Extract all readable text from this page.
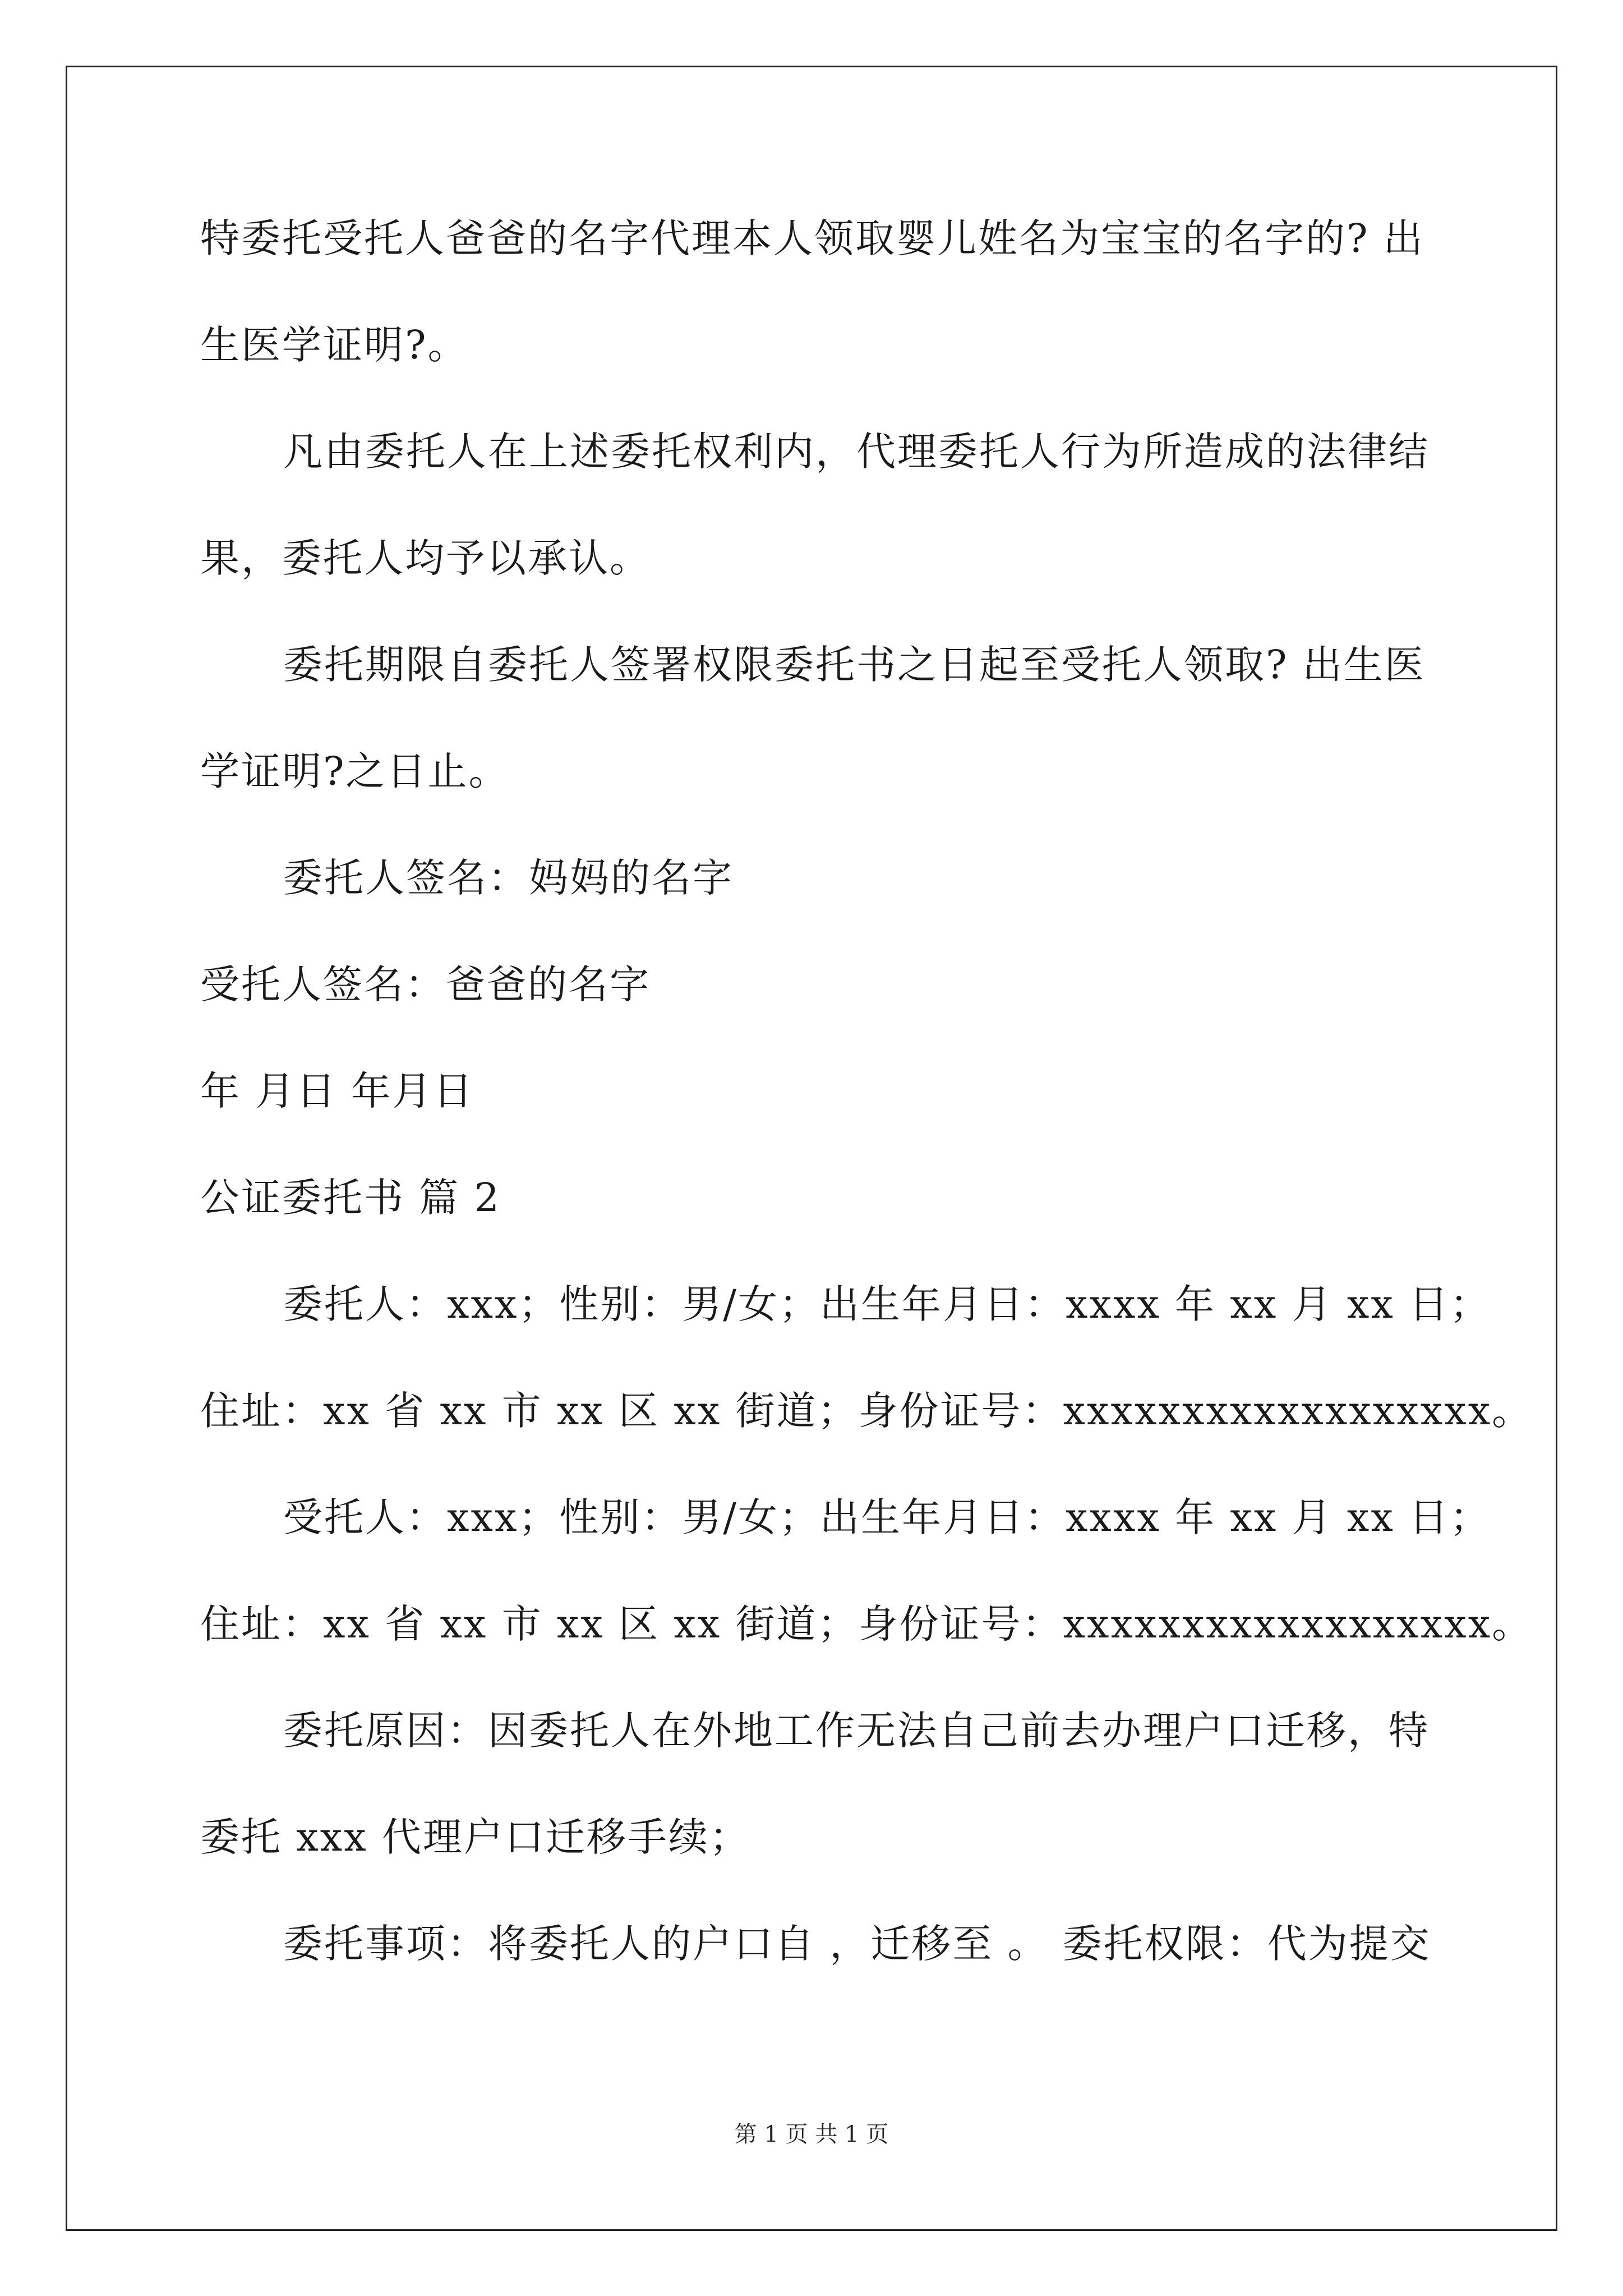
特委托受托人爸爸的名字代理本人领取婴儿姓名为宝宝的名字的? 出
生医学证明?。
凡由委托人在上述委托权利内，代理委托人行为所造成的法律结
果，委托人均予以承认。
委托期限自委托人签署权限委托书之日起至受托人领取? 出生医
学证明?之日止。
委托人签名：妈妈的名字
受托人签名：爸爸的名字
年 月日 年月日
公证委托书 篇 2
委托人：xxx；性别：男/女；出生年月日：xxxx 年 xx 月 xx 日；
住址：xx 省 xx 市 xx 区 xx 街道；身份证号：xxxxxxxxxxxxxxxxxx。
受托人：xxx；性别：男/女；出生年月日：xxxx 年 xx 月 xx 日；
住址：xx 省 xx 市 xx 区 xx 街道；身份证号：xxxxxxxxxxxxxxxxxx。
委托原因：因委托人在外地工作无法自己前去办理户口迁移，特
委托 xxx 代理户口迁移手续；
委托事项：将委托人的户口自 ，迁移至 。 委托权限：代为提交
第 1 页 共 1 页
